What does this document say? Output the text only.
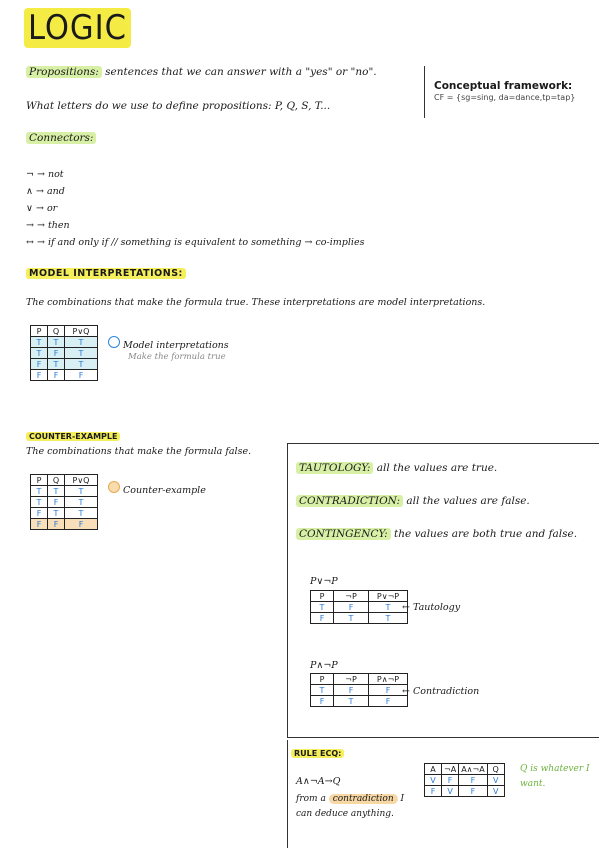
LOGIC
Propositions: sentences that we can answer with a "yes" or "no".
What letters do we use to define propositions: P, Q, S, T...
Conceptual framework:
CF = {sg=sing, da=dance,tp=tap}
Connectors:
¬ → not
∧ → and
∨ → or
→ → then
↔ → if and only if // something is equivalent to something → co-implies
MODEL INTERPRETATIONS:
The combinations that make the formula true. These interpretations are model interpretations.
P	Q	P∨Q
T	T	T
T	F	T
F	T	T
F	F	F
Model interpretations
Make the formula true
COUNTER-EXAMPLE
The combinations that make the formula false.
P	Q	P∨Q
T	T	T
T	F	T
F	T	T
F	F	F
Counter-example
TAUTOLOGY: all the values are true.
CONTRADICTION: all the values are false.
CONTINGENCY: the values are both true and false.
P∨¬P
P	¬P	P∨¬P
T	F	T
F	T	T
← Tautology
P∧¬P
P	¬P	P∧¬P
T	F	F
F	T	F
← Contradiction
RULE ECQ:
A∧¬A→Q
from a contradiction I can deduce anything.
A	¬A	A∧¬A	Q
V	F	F	V
F	V	F	V
Q is whatever I want.
